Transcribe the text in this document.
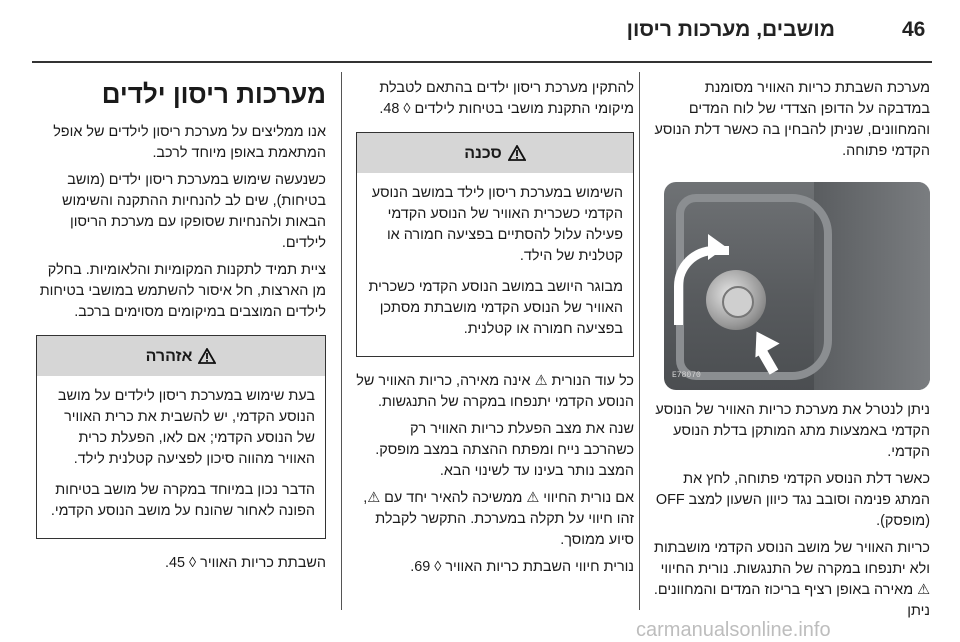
46
מושבים, מערכות ריסון

מערכת השבתת כריות האוויר מסומנת במדבקה על הדופן הצדדי של לוח המדים והמחוונים, שניתן להבחין בה כאשר דלת הנוסע הקדמי פתוחה.

E78070

ניתן לנטרל את מערכת כריות האוויר של הנוסע הקדמי באמצעות מתג המותקן בדלת הנוסע הקדמי.

כאשר דלת הנוסע הקדמי פתוחה, לחץ את המתג פנימה וסובב נגד כיוון השעון למצב OFF (מופסק).

כריות האוויר של מושב הנוסע הקדמי מושבתות ולא יתנפחו במקרה של התנגשות. נורית החיווי ⚠ מאירה באופן רציף בריכוז המדים והמחוונים. ניתן

להתקין מערכת ריסון ילדים בהתאם לטבלת מיקומי התקנת מושבי בטיחות לילדים ◊ 48.

סכנה

השימוש במערכת ריסון לילד במושב הנוסע הקדמי כשכרית האוויר של הנוסע הקדמי פעילה עלול להסתיים בפציעה חמורה או קטלנית של הילד.

מבוגר היושב במושב הנוסע הקדמי כשכרית האוויר של הנוסע הקדמי מושבתת מסתכן בפציעה חמורה או קטלנית.

כל עוד הנורית ⚠ אינה מאירה, כריות האוויר של הנוסע הקדמי יתנפחו במקרה של התנגשות.

שנה את מצב הפעלת כריות האוויר רק כשהרכב נייח ומפתח ההצתה במצב מופסק. המצב נותר בעינו עד לשינוי הבא.

אם נורית החיווי ⚠ ממשיכה להאיר יחד עם ⚠, זהו חיווי על תקלה במערכת. התקשר לקבלת סיוע ממוסך.

נורית חיווי השבתת כריות האוויר ◊ 69.

מערכות ריסון ילדים

אנו ממליצים על מערכת ריסון לילדים של אופל המתאמת באופן מיוחד לרכב.

כשנעשה שימוש במערכת ריסון ילדים (מושב בטיחות), שים לב להנחיות ההתקנה והשימוש הבאות ולהנחיות שסופקו עם מערכת הריסון לילדים.

ציית תמיד לתקנות המקומיות והלאומיות. בחלק מן הארצות, חל איסור להשתמש במושבי בטיחות לילדים המוצבים במיקומים מסוימים ברכב.

אזהרה

בעת שימוש במערכת ריסון לילדים על מושב הנוסע הקדמי, יש להשבית את כרית האוויר של הנוסע הקדמי; אם לאו, הפעלת כרית האוויר מהווה סיכון לפציעה קטלנית לילד.

הדבר נכון במיוחד במקרה של מושב בטיחות הפונה לאחור שהונח על מושב הנוסע הקדמי.

השבתת כריות האוויר ◊ 45.

carmanualsonline.info
